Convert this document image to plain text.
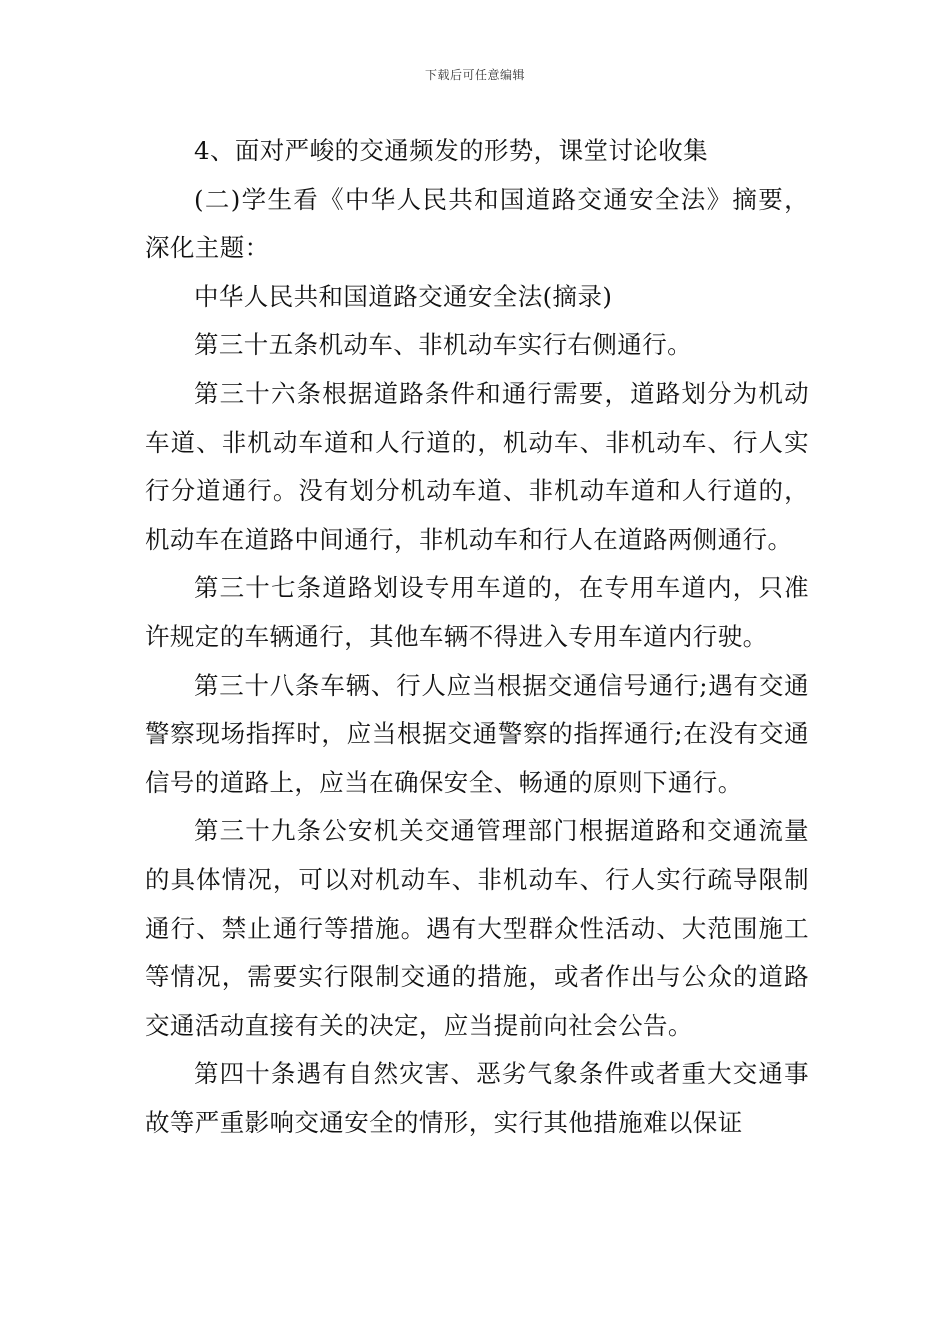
下载后可任意编辑

4、面对严峻的交通频发的形势，课堂讨论收集

(二)学生看《中华人民共和国道路交通安全法》摘要，深化主题：

中华人民共和国道路交通安全法(摘录)

第三十五条机动车、非机动车实行右侧通行。

第三十六条根据道路条件和通行需要，道路划分为机动车道、非机动车道和人行道的，机动车、非机动车、行人实行分道通行。没有划分机动车道、非机动车道和人行道的，机动车在道路中间通行，非机动车和行人在道路两侧通行。

第三十七条道路划设专用车道的，在专用车道内，只准许规定的车辆通行，其他车辆不得进入专用车道内行驶。

第三十八条车辆、行人应当根据交通信号通行;遇有交通警察现场指挥时，应当根据交通警察的指挥通行;在没有交通信号的道路上，应当在确保安全、畅通的原则下通行。

第三十九条公安机关交通管理部门根据道路和交通流量的具体情况，可以对机动车、非机动车、行人实行疏导限制通行、禁止通行等措施。遇有大型群众性活动、大范围施工等情况，需要实行限制交通的措施，或者作出与公众的道路交通活动直接有关的决定，应当提前向社会公告。

第四十条遇有自然灾害、恶劣气象条件或者重大交通事故等严重影响交通安全的情形，实行其他措施难以保证
